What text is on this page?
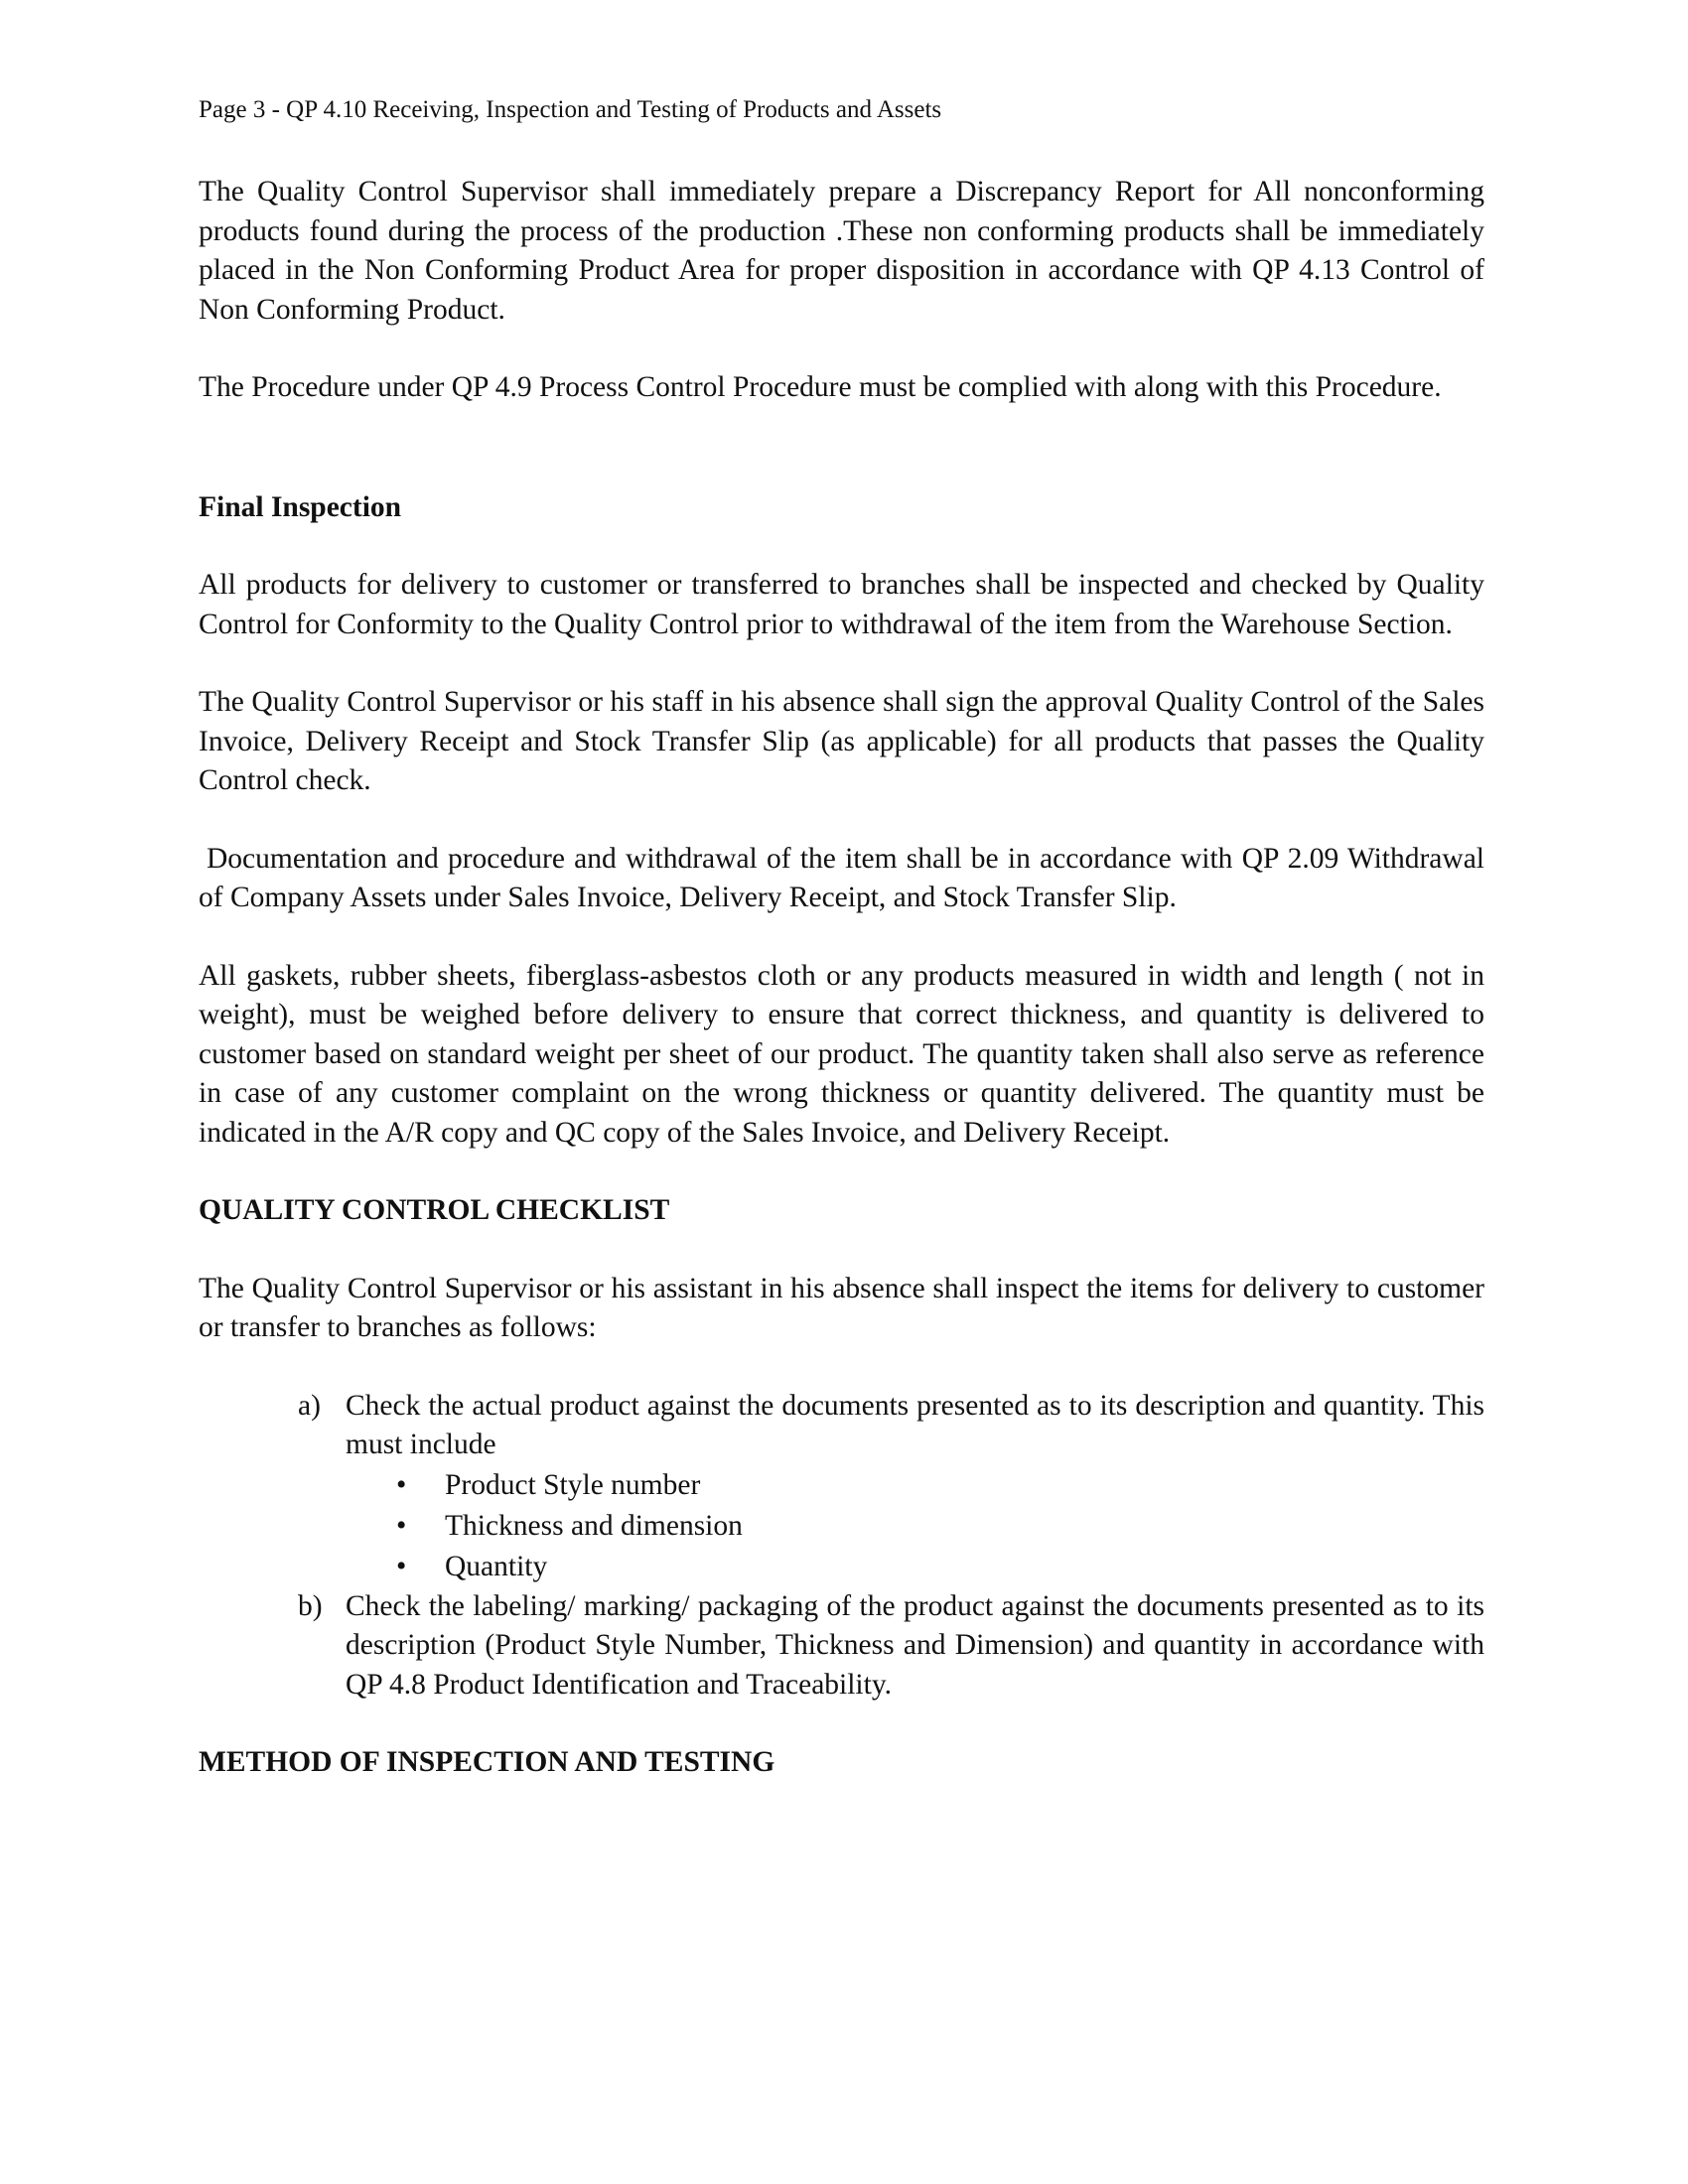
Page 3 - QP 4.10 Receiving, Inspection and Testing of Products and Assets

The Quality Control Supervisor shall immediately prepare a Discrepancy Report for All nonconforming products found during the process of the production .These non conforming products shall be immediately placed in the Non Conforming Product Area for proper disposition in accordance with QP 4.13 Control of Non Conforming Product.

The Procedure under QP 4.9 Process Control Procedure must be complied with along with this Procedure.

Final Inspection

All products for delivery to customer or transferred to branches shall be inspected and checked by Quality Control for Conformity to the Quality Control prior to withdrawal of the item from the Warehouse Section.

The Quality Control Supervisor or his staff in his absence shall sign the approval Quality Control of the Sales Invoice, Delivery Receipt and Stock Transfer Slip (as applicable) for all products that passes the Quality Control check.

Documentation and procedure and withdrawal of the item shall be in accordance with QP 2.09 Withdrawal of Company Assets under Sales Invoice, Delivery Receipt, and Stock Transfer Slip.

All gaskets, rubber sheets, fiberglass-asbestos cloth or any products measured in width and length ( not in weight), must be weighed before delivery to ensure that correct thickness, and quantity is delivered to customer based on standard weight per sheet of our product. The quantity taken shall also serve as reference in case of any customer complaint on the wrong thickness or quantity delivered. The quantity must be indicated in the A/R copy and QC copy of the Sales Invoice, and Delivery Receipt.

QUALITY CONTROL CHECKLIST

The Quality Control Supervisor or his assistant in his absence shall inspect the items for delivery to customer or transfer to branches as follows:

a) Check the actual product against the documents presented as to its description and quantity. This must include
• Product Style number
• Thickness and dimension
• Quantity
b) Check the labeling/ marking/ packaging of the product against the documents presented as to its description (Product Style Number, Thickness and Dimension) and quantity in accordance with QP 4.8 Product Identification and Traceability.
METHOD OF INSPECTION AND TESTING
